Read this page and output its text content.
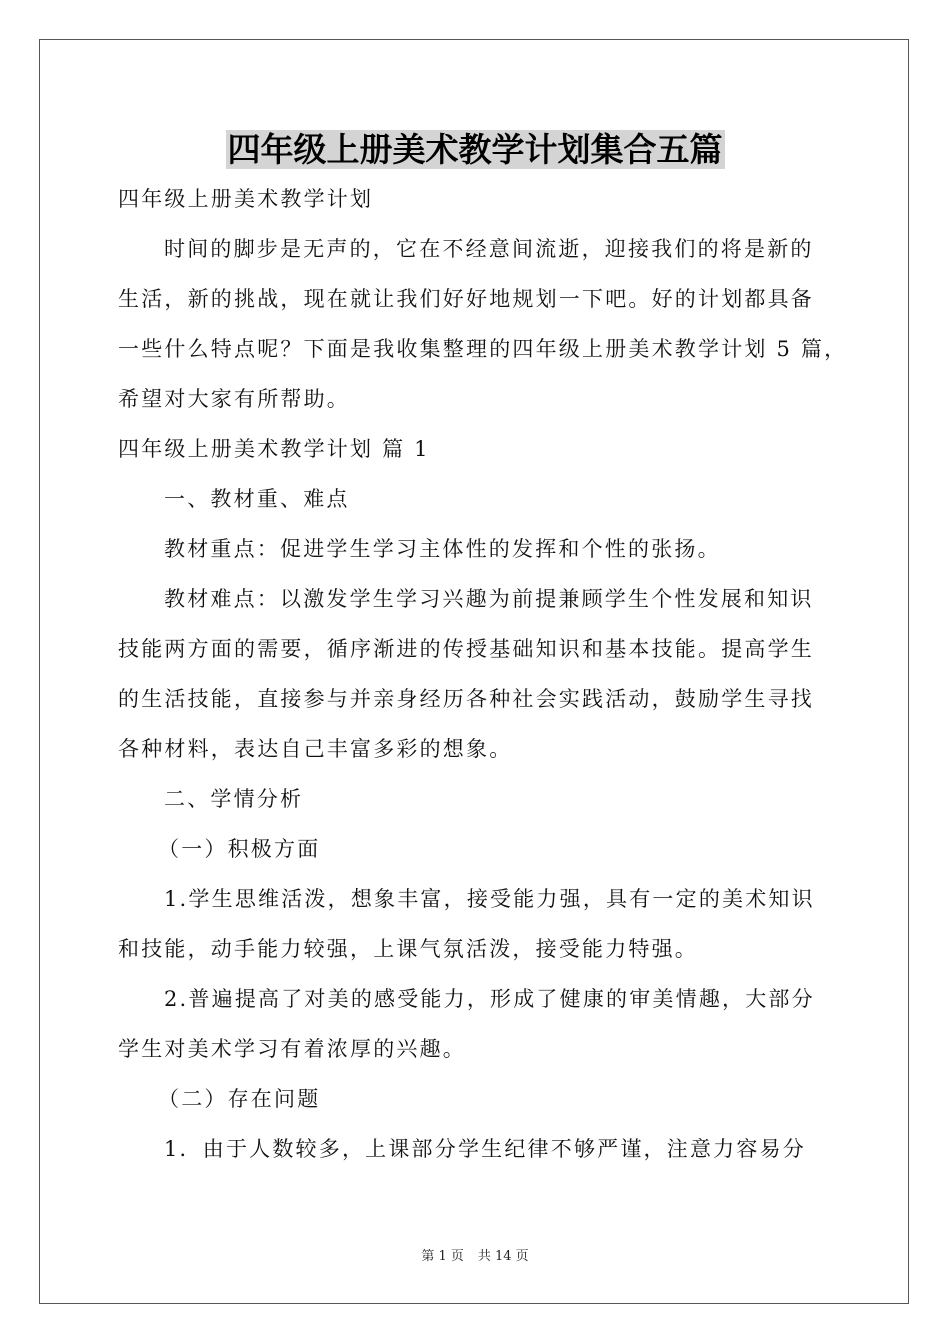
四年级上册美术教学计划集合五篇
四年级上册美术教学计划
时间的脚步是无声的，它在不经意间流逝，迎接我们的将是新的
生活，新的挑战，现在就让我们好好地规划一下吧。好的计划都具备
一些什么特点呢？下面是我收集整理的四年级上册美术教学计划 5 篇，
希望对大家有所帮助。
四年级上册美术教学计划 篇 1
一、教材重、难点
教材重点：促进学生学习主体性的发挥和个性的张扬。
教材难点：以激发学生学习兴趣为前提兼顾学生个性发展和知识
技能两方面的需要，循序渐进的传授基础知识和基本技能。提高学生
的生活技能，直接参与并亲身经历各种社会实践活动，鼓励学生寻找
各种材料，表达自己丰富多彩的想象。
二、学情分析
（一）积极方面
1.学生思维活泼，想象丰富，接受能力强，具有一定的美术知识
和技能，动手能力较强，上课气氛活泼，接受能力特强。
2.普遍提高了对美的感受能力，形成了健康的审美情趣，大部分
学生对美术学习有着浓厚的兴趣。
（二）存在问题
1．由于人数较多，上课部分学生纪律不够严谨，注意力容易分
第 1 页 共 14 页
